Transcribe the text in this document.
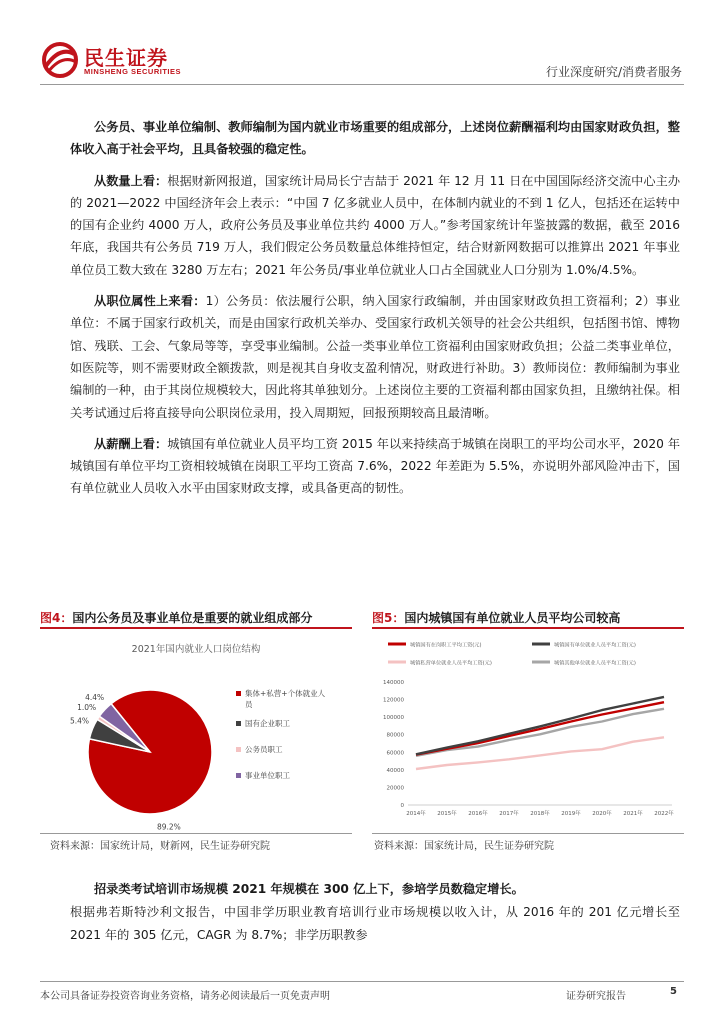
民生证券
MINSHENG SECURITIES	行业深度研究/消费者服务

公务员、事业单位编制、教师编制为国内就业市场重要的组成部分，上述岗位薪酬福利均由国家财政负担，整体收入高于社会平均，且具备较强的稳定性。

从数量上看：根据财新网报道，国家统计局局长宁吉喆于 2021 年 12 月 11 日在中国国际经济交流中心主办的 2021—2022 中国经济年会上表示：“中国 7 亿多就业人员中，在体制内就业的不到 1 亿人，包括还在运转中的国有企业约 4000 万人，政府公务员及事业单位共约 4000 万人。”参考国家统计年鉴披露的数据，截至 2016 年底，我国共有公务员 719 万人，我们假定公务员数量总体维持恒定，结合财新网数据可以推算出 2021 年事业单位员工数大致在 3280 万左右；2021 年公务员/事业单位就业人口占全国就业人口分别为 1.0%/4.5%。

从职位属性上来看：1）公务员：依法履行公职，纳入国家行政编制，并由国家财政负担工资福利；2）事业单位：不属于国家行政机关，而是由国家行政机关举办、受国家行政机关领导的社会公共组织，包括图书馆、博物馆、残联、工会、气象局等等，享受事业编制。公益一类事业单位工资福利由国家财政负担；公益二类事业单位，如医院等，则不需要财政全额拨款，则是视其自身收支盈利情况，财政进行补助。3）教师岗位：教师编制为事业编制的一种，由于其岗位规模较大，因此将其单独划分。上述岗位主要的工资福利都由国家负担，且缴纳社保。相关考试通过后将直接导向公职岗位录用，投入周期短，回报预期较高且最清晰。

从薪酬上看：城镇国有单位就业人员平均工资 2015 年以来持续高于城镇在岗职工的平均公司水平，2020 年城镇国有单位平均工资相较城镇在岗职工平均工资高 7.6%，2022 年差距为 5.5%，亦说明外部风险冲击下，国有单位就业人员收入水平由国家财政支撑，或具备更高的韧性。

图4：国内公务员及事业单位是重要的就业组成部分
2021年国内就业人口岗位结构
89.2%
5.4%
1.0%
4.4%	集体+私营+个体就业人员
国有企业职工
公务员职工
事业单位职工
资料来源：国家统计局，财新网，民生证券研究院
图5：国内城镇国有单位就业人员平均公司较高
城镇国有在岗职工平均工资(元)	城镇国有单位就业人员平均工资(元)
城镇私营单位就业人员平均工资(元)	城镇其他单位就业人员平均工资(元)
0
20000
40000
60000
80000
100000
120000
140000
2014年 2015年 2016年 2017年 2018年 2019年 2020年 2021年 2022年
资料来源：国家统计局，民生证券研究院

招录类考试培训市场规模 2021 年规模在 300 亿上下，参培学员数稳定增长。

根据弗若斯特沙利文报告，中国非学历职业教育培训行业市场规模以收入计，从 2016 年的 201 亿元增长至 2021 年的 305 亿元，CAGR 为 8.7%；非学历职教参

本公司具备证券投资咨询业务资格，请务必阅读最后一页免责声明	证券研究报告	5
